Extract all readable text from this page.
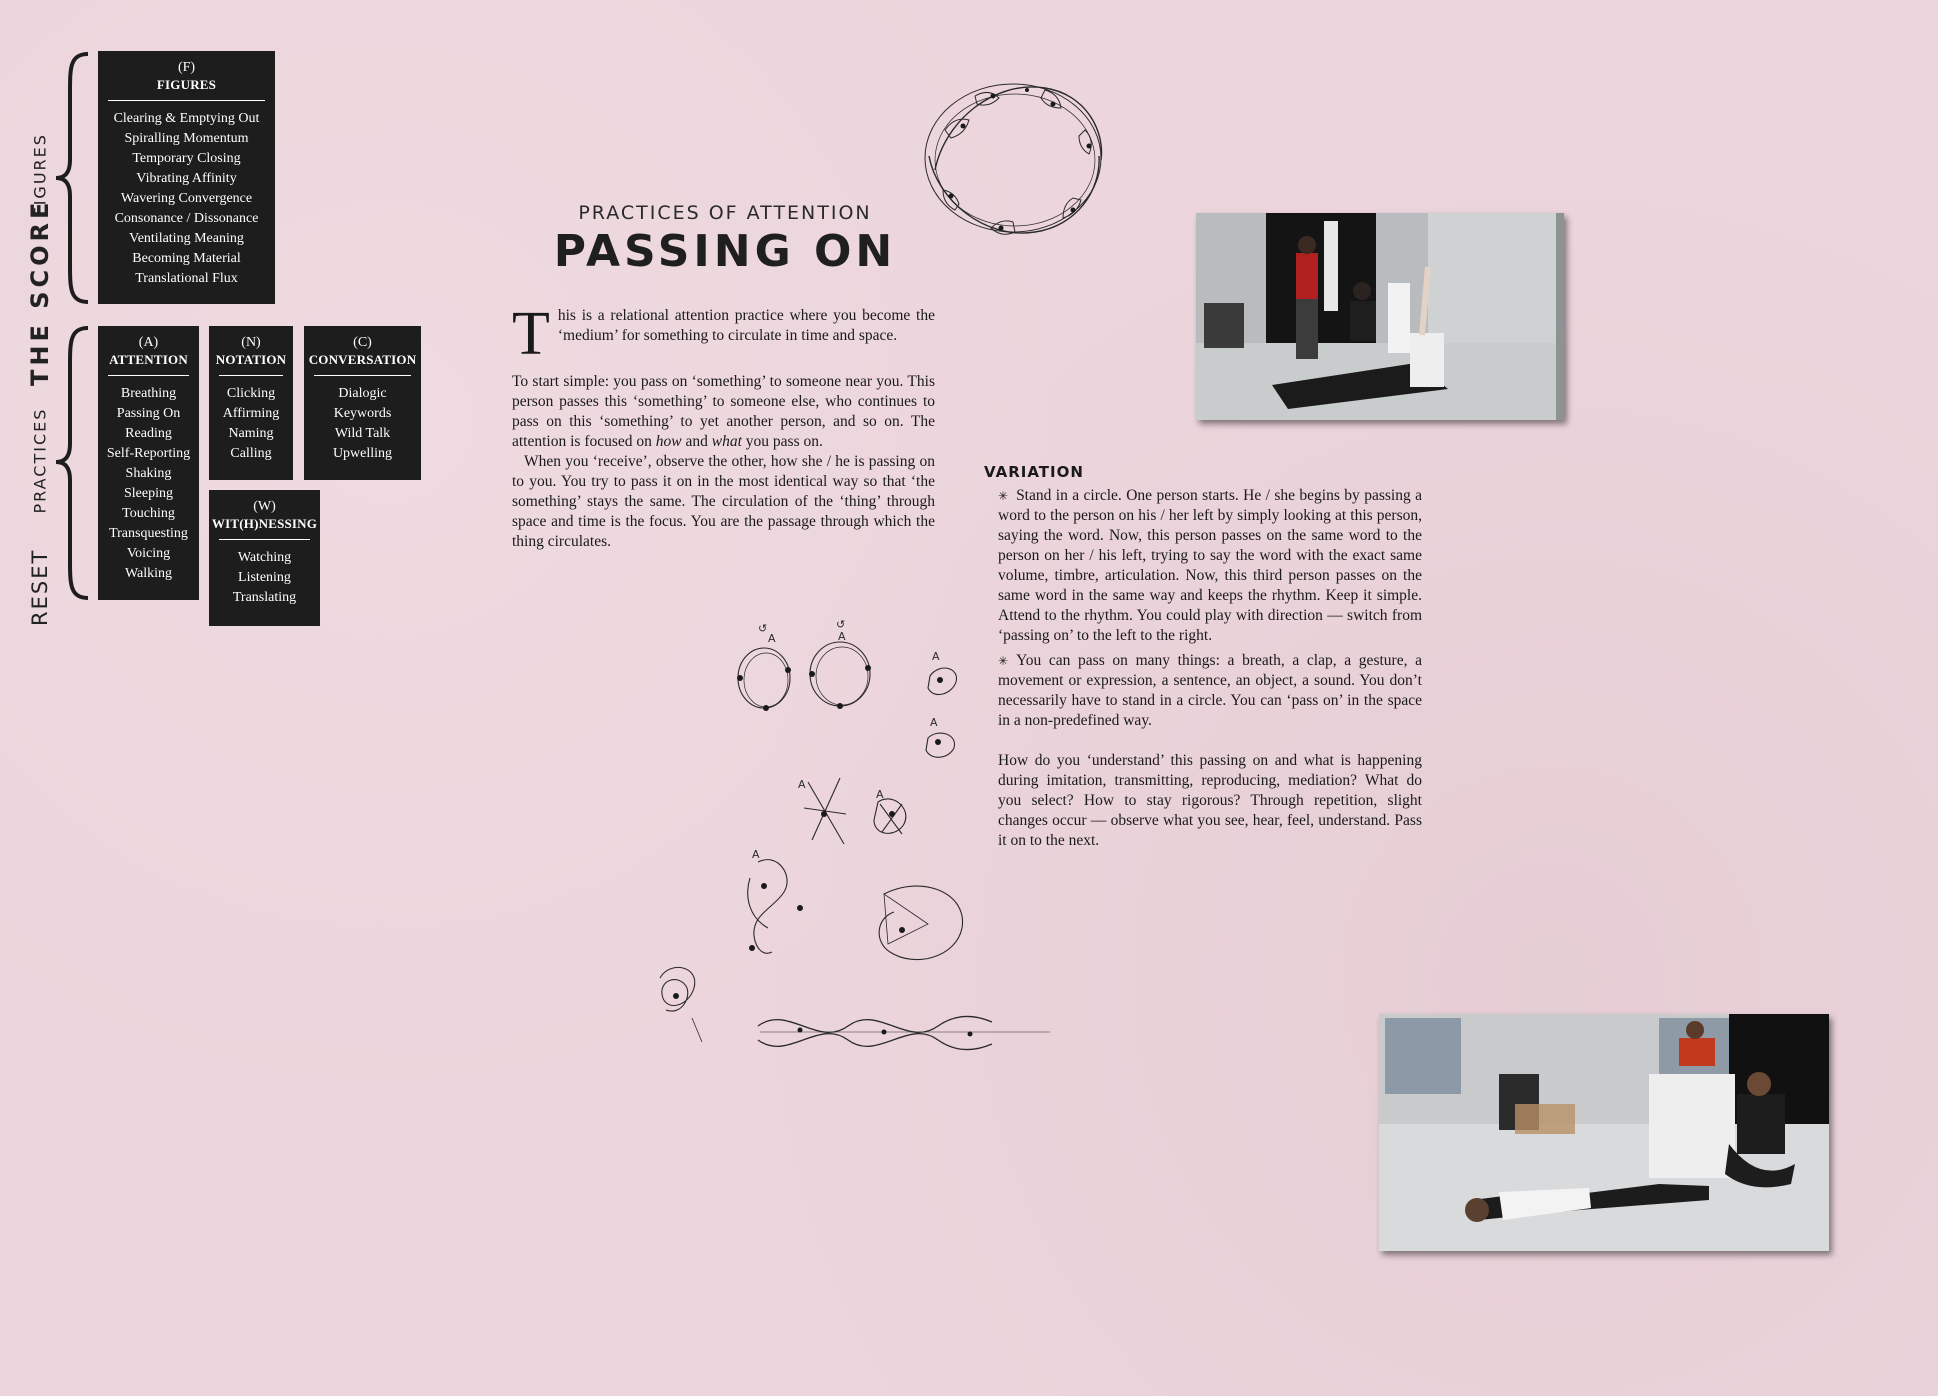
RESET
PRACTICES
THE SCORE
FIGURES
(F)
FIGURES
Clearing & Emptying Out
Spiralling Momentum
Temporary Closing
Vibrating Affinity
Wavering Convergence
Consonance / Dissonance
Ventilating Meaning
Becoming Material
Translational Flux
(A)
ATTENTION
Breathing
Passing On
Reading
Self-Reporting
Shaking
Sleeping
Touching
Transquesting
Voicing
Walking
(N)
NOTATION
Clicking
Affirming
Naming
Calling
(C)
CONVERSATION
Dialogic
Keywords
Wild Talk
Upwelling
(W)
WIT(H)NESSING
Watching
Listening
Translating
PRACTICES OF ATTENTION
PASSING ON

This is a relational attention practice where you become the ‘medium’ for something to circulate in time and space.

To start simple: you pass on ‘something’ to someone near you. This person passes this ‘something’ to someone else, who continues to pass on this ‘something’ to yet another person, and so on. The attention is focused on how and what you pass on.

When you ‘receive’, observe the other, how she / he is passing on to you. You try to pass it on in the most identical way so that ‘the something’ stays the same. The circulation of the ‘thing’ through space and time is the focus. You are the passage through which the thing circulates.

VARIATION

✳ Stand in a circle. One person starts. He / she begins by passing a word to the person on his / her left by simply looking at this person, saying the word. Now, this person passes on the same word to the person on her / his left, trying to say the word with the exact same volume, timbre, articulation. Now, this third person passes on the same word in the same way and keeps the rhythm. Keep it simple. Attend to the rhythm. You could play with direction — switch from ‘passing on’ to the left to the right.

✳ You can pass on many things: a breath, a clap, a gesture, a movement or expression, a sentence, an object, a sound. You don’t necessarily have to stand in a circle. You can ‘pass on’ in the space in a non-predefined way.

How do you ‘understand’ this passing on and what is happening during imitation, transmitting, reproducing, mediation? What do you select? How to stay rigorous? Through repetition, slight changes occur — observe what you see, hear, feel, understand. Pass it on to the next.

A
↺
A
↺
A
A
A
A
A
